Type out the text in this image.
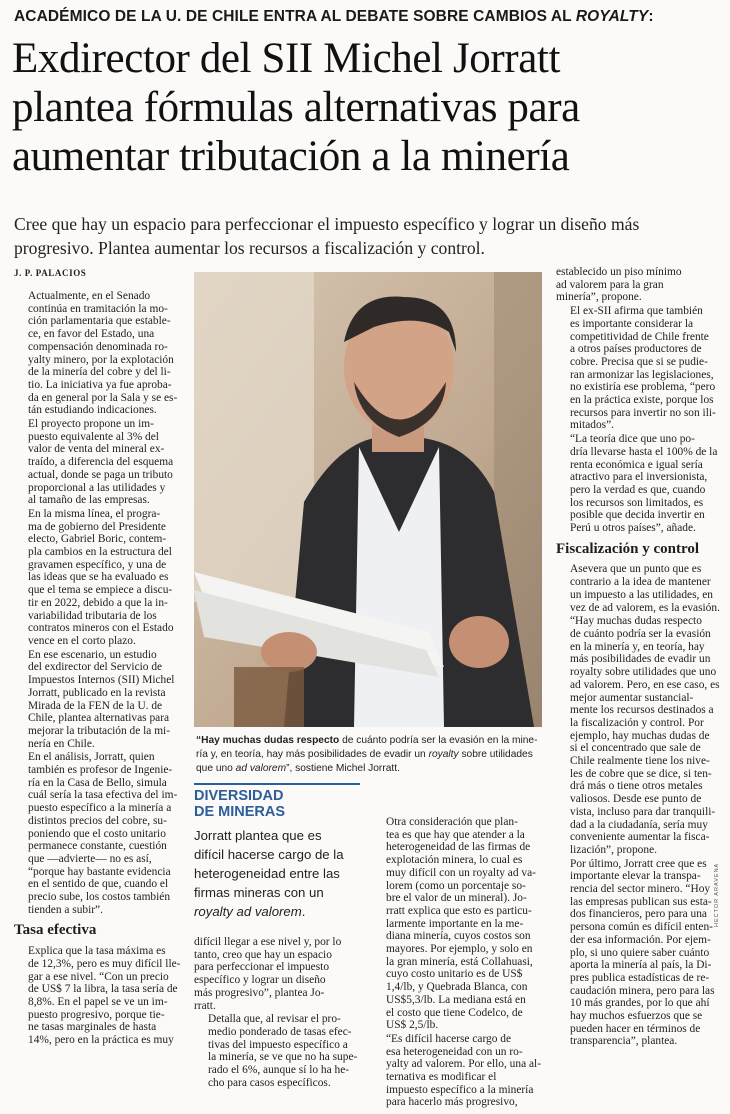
ACADÉMICO DE LA U. DE CHILE ENTRA AL DEBATE SOBRE CAMBIOS AL ROYALTY:
Exdirector del SII Michel Jorratt
plantea fórmulas alternativas para
aumentar tributación a la minería
Cree que hay un espacio para perfeccionar el impuesto específico y lograr un diseño más
progresivo. Plantea aumentar los recursos a fiscalización y control.
J. P. PALACIOS

Actualmente, en el Senado
continúa en tramitación la mo-
ción parlamentaria que estable-
ce, en favor del Estado, una
compensación denominada ro-
yalty minero, por la explotación
de la minería del cobre y del li-
tio. La iniciativa ya fue aproba-
da en general por la Sala y se es-
tán estudiando indicaciones.

El proyecto propone un im-
puesto equivalente al 3% del
valor de venta del mineral ex-
traído, a diferencia del esquema
actual, donde se paga un tributo
proporcional a las utilidades y
al tamaño de las empresas.

En la misma línea, el progra-
ma de gobierno del Presidente
electo, Gabriel Boric, contem-
pla cambios en la estructura del
gravamen específico, y una de
las ideas que se ha evaluado es
que el tema se empiece a discu-
tir en 2022, debido a que la in-
variabilidad tributaria de los
contratos mineros con el Estado
vence en el corto plazo.

En ese escenario, un estudio
del exdirector del Servicio de
Impuestos Internos (SII) Michel
Jorratt, publicado en la revista
Mirada de la FEN de la U. de
Chile, plantea alternativas para
mejorar la tributación de la mi-
nería en Chile.

En el análisis, Jorratt, quien
también es profesor de Ingenie-
ría en la Casa de Bello, simula
cuál sería la tasa efectiva del im-
puesto específico a la minería a
distintos precios del cobre, su-
poniendo que el costo unitario
permanece constante, cuestión
que —advierte— no es así,
“porque hay bastante evidencia
en el sentido de que, cuando el
precio sube, los costos también
tienden a subir”.

Tasa efectiva

Explica que la tasa máxima es
de 12,3%, pero es muy difícil lle-
gar a ese nivel. “Con un precio
de US$ 7 la libra, la tasa sería de
8,8%. En el papel se ve un im-
puesto progresivo, porque tie-
ne tasas marginales de hasta
14%, pero en la práctica es muy

HECTOR ARAVENA
“Hay muchas dudas respecto de cuánto podría ser la evasión en la mine-
ría y, en teoría, hay más posibilidades de evadir un royalty sobre utilidades
que uno ad valorem”, sostiene Michel Jorratt.
DIVERSIDAD
DE MINERAS
Jorratt plantea que es
difícil hacerse cargo de la
heterogeneidad entre las
firmas mineras con un
royalty ad valorem.

difícil llegar a ese nivel y, por lo
tanto, creo que hay un espacio
para perfeccionar el impuesto
específico y lograr un diseño
más progresivo”, plantea Jo-
rratt.

Detalla que, al revisar el pro-
medio ponderado de tasas efec-
tivas del impuesto específico a
la minería, se ve que no ha supe-
rado el 6%, aunque sí lo ha he-
cho para casos específicos.

Otra consideración que plan-
tea es que hay que atender a la
heterogeneidad de las firmas de
explotación minera, lo cual es
muy difícil con un royalty ad va-
lorem (como un porcentaje so-
bre el valor de un mineral). Jo-
rratt explica que esto es particu-
larmente importante en la me-
diana minería, cuyos costos son
mayores. Por ejemplo, y solo en
la gran minería, está Collahuasi,
cuyo costo unitario es de US$
1,4/lb, y Quebrada Blanca, con
US$5,3/lb. La mediana está en
el costo que tiene Codelco, de
US$ 2,5/lb.

“Es difícil hacerse cargo de
esa heterogeneidad con un ro-
yalty ad valorem. Por ello, una al-
ternativa es modificar el
impuesto específico a la minería
para hacerlo más progresivo,

establecido un piso mínimo
ad valorem para la gran
minería”, propone.

El ex-SII afirma que también
es importante considerar la
competitividad de Chile frente
a otros países productores de
cobre. Precisa que si se pudie-
ran armonizar las legislaciones,
no existiría ese problema, “pero
en la práctica existe, porque los
recursos para invertir no son ili-
mitados”.

“La teoría dice que uno po-
dría llevarse hasta el 100% de la
renta económica e igual sería
atractivo para el inversionista,
pero la verdad es que, cuando
los recursos son limitados, es
posible que decida invertir en
Perú u otros países”, añade.

Fiscalización y control

Asevera que un punto que es
contrario a la idea de mantener
un impuesto a las utilidades, en
vez de ad valorem, es la evasión.

“Hay muchas dudas respecto
de cuánto podría ser la evasión
en la minería y, en teoría, hay
más posibilidades de evadir un
royalty sobre utilidades que uno
ad valorem. Pero, en ese caso, es
mejor aumentar sustancial-
mente los recursos destinados a
la fiscalización y control. Por
ejemplo, hay muchas dudas de
si el concentrado que sale de
Chile realmente tiene los nive-
les de cobre que se dice, si ten-
drá más o tiene otros metales
valiosos. Desde ese punto de
vista, incluso para dar tranquili-
dad a la ciudadanía, sería muy
conveniente aumentar la fisca-
lización”, propone.

Por último, Jorratt cree que es
importante elevar la transpa-
rencia del sector minero. “Hoy
las empresas publican sus esta-
dos financieros, pero para una
persona común es difícil enten-
der esa información. Por ejem-
plo, si uno quiere saber cuánto
aporta la minería al país, la Di-
pres publica estadísticas de re-
caudación minera, pero para las
10 más grandes, por lo que ahí
hay muchos esfuerzos que se
pueden hacer en términos de
transparencia”, plantea.
